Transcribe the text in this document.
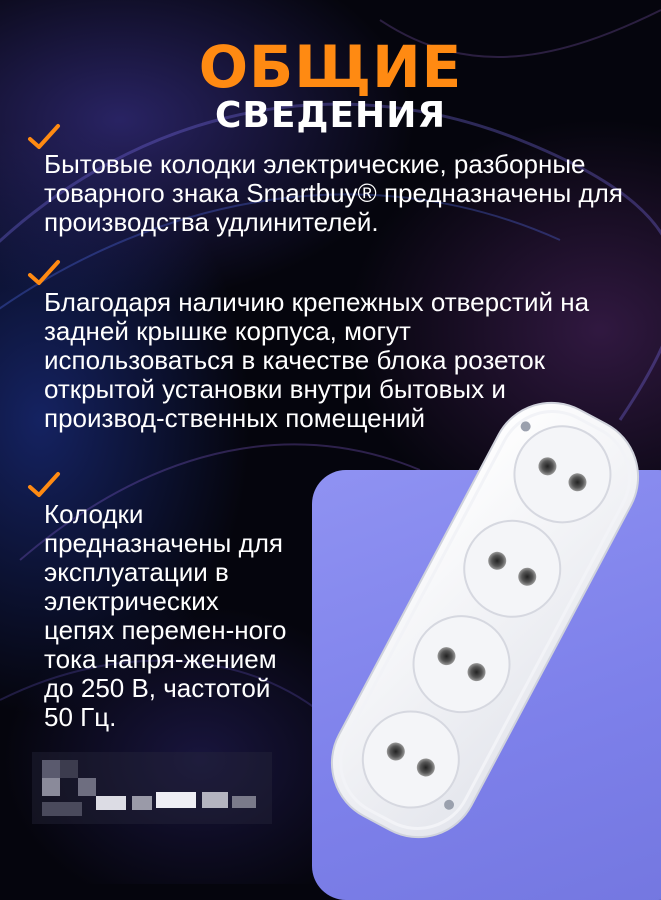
ОБЩИЕ
СВЕДЕНИЯ

Бытовые колодки электрические, разборные товарного знака Smartbuy® предназначены для производства удлинителей.

Благодаря наличию крепежных отверстий на задней крышке корпуса, могут использоваться в качестве блока розеток открытой установки внутри бытовых и производ-ственных помещений

Колодки предназначены для эксплуатации в электрических цепях перемен-ного тока напря-жением до 250 В, частотой 50 Гц.
